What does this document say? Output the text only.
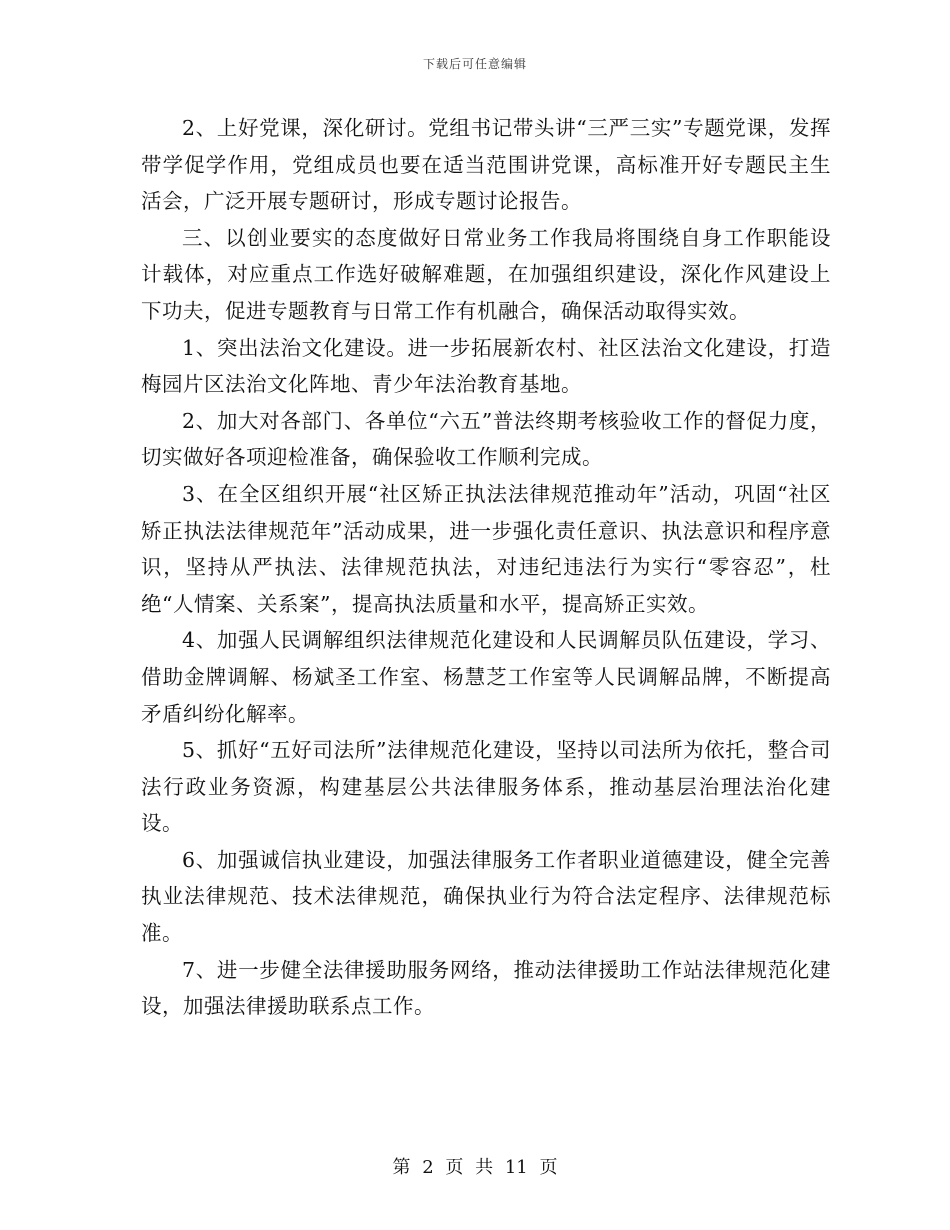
下载后可任意编辑

2、上好党课，深化研讨。党组书记带头讲“三严三实”专题党课，发挥带学促学作用，党组成员也要在适当范围讲党课，高标准开好专题民主生活会，广泛开展专题研讨，形成专题讨论报告。

三、以创业要实的态度做好日常业务工作我局将围绕自身工作职能设计载体，对应重点工作选好破解难题，在加强组织建设，深化作风建设上下功夫，促进专题教育与日常工作有机融合，确保活动取得实效。

1、突出法治文化建设。进一步拓展新农村、社区法治文化建设，打造梅园片区法治文化阵地、青少年法治教育基地。

2、加大对各部门、各单位“六五”普法终期考核验收工作的督促力度，切实做好各项迎检准备，确保验收工作顺利完成。

3、在全区组织开展“社区矫正执法法律规范推动年”活动，巩固“社区矫正执法法律规范年”活动成果，进一步强化责任意识、执法意识和程序意识，坚持从严执法、法律规范执法，对违纪违法行为实行“零容忍”，杜绝“人情案、关系案”，提高执法质量和水平，提高矫正实效。

4、加强人民调解组织法律规范化建设和人民调解员队伍建设，学习、借助金牌调解、杨斌圣工作室、杨慧芝工作室等人民调解品牌，不断提高矛盾纠纷化解率。

5、抓好“五好司法所”法律规范化建设，坚持以司法所为依托，整合司法行政业务资源，构建基层公共法律服务体系，推动基层治理法治化建设。

6、加强诚信执业建设，加强法律服务工作者职业道德建设，健全完善执业法律规范、技术法律规范，确保执业行为符合法定程序、法律规范标准。

7、进一步健全法律援助服务网络，推动法律援助工作站法律规范化建设，加强法律援助联系点工作。

第 2 页 共 11 页
